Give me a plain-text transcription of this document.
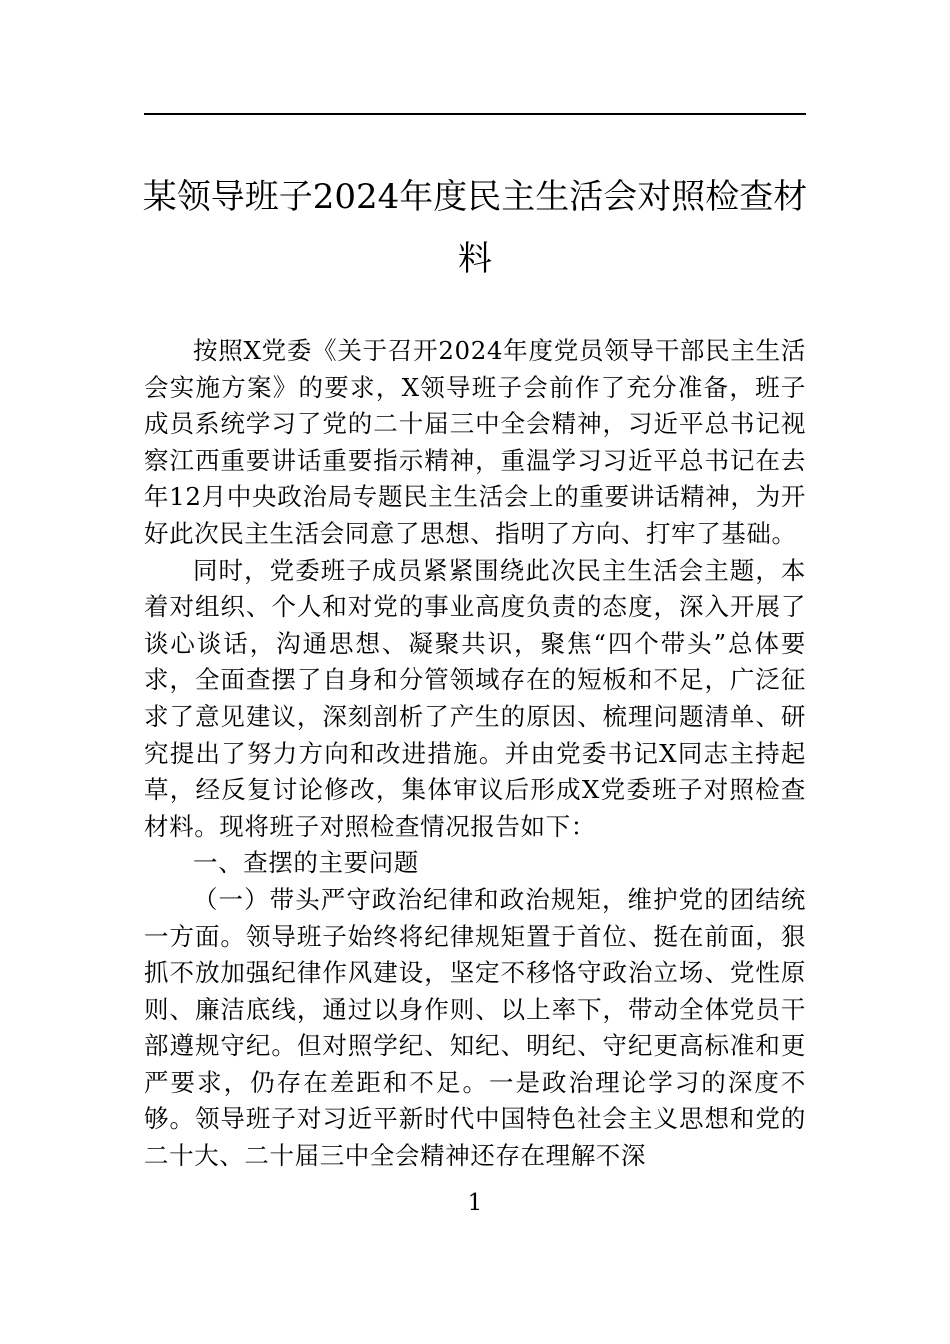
某领导班子2024年度民主生活会对照检查材料

按照X党委《关于召开2024年度党员领导干部民主生活会实施方案》的要求，X领导班子会前作了充分准备，班子成员系统学习了党的二十届三中全会精神，习近平总书记视察江西重要讲话重要指示精神，重温学习习近平总书记在去年12月中央政治局专题民主生活会上的重要讲话精神，为开好此次民主生活会同意了思想、指明了方向、打牢了基础。

同时，党委班子成员紧紧围绕此次民主生活会主题，本着对组织、个人和对党的事业高度负责的态度，深入开展了谈心谈话，沟通思想、凝聚共识，聚焦“四个带头”总体要求，全面查摆了自身和分管领域存在的短板和不足，广泛征求了意见建议，深刻剖析了产生的原因、梳理问题清单、研究提出了努力方向和改进措施。并由党委书记X同志主持起草，经反复讨论修改，集体审议后形成X党委班子对照检查材料。现将班子对照检查情况报告如下：

一、查摆的主要问题

（一）带头严守政治纪律和政治规矩，维护党的团结统一方面。领导班子始终将纪律规矩置于首位、挺在前面，狠抓不放加强纪律作风建设，坚定不移恪守政治立场、党性原则、廉洁底线，通过以身作则、以上率下，带动全体党员干部遵规守纪。但对照学纪、知纪、明纪、守纪更高标准和更严要求，仍存在差距和不足。一是政治理论学习的深度不够。领导班子对习近平新时代中国特色社会主义思想和党的二十大、二十届三中全会精神还存在理解不深

1
